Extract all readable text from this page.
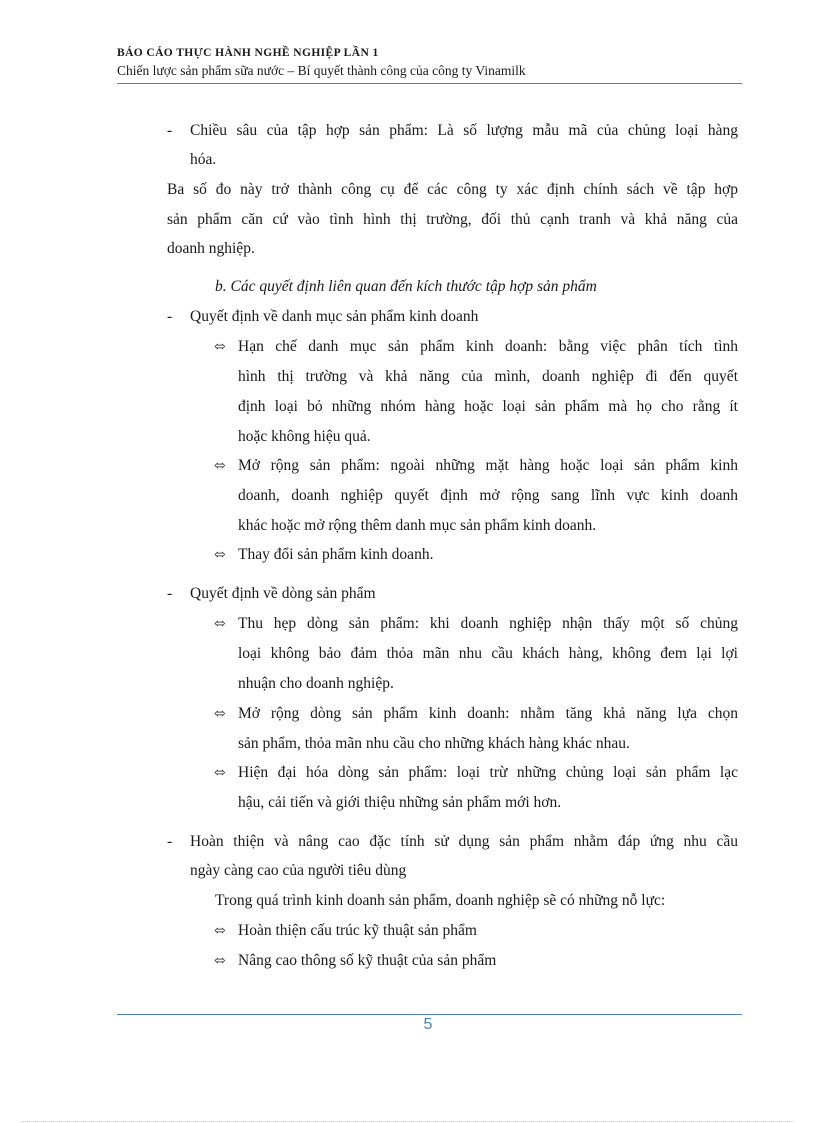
BÁO CÁO THỰC HÀNH NGHỀ NGHIỆP LẦN 1
Chiến lược sản phẩm sữa nước – Bí quyết thành công của công ty Vinamilk
- Chiều sâu của tập hợp sản phẩm: Là số lượng mẫu mã của chủng loại hàng
hóa.
Ba số đo này trở thành công cụ để các công ty xác định chính sách về tập hợp
sản phẩm căn cứ vào tình hình thị trường, đối thủ cạnh tranh và khả năng của
doanh nghiệp.
b. Các quyết định liên quan đến kích thước tập hợp sản phẩm
- Quyết định về danh mục sản phẩm kinh doanh
⬄ Hạn chế danh mục sản phẩm kinh doanh: bằng việc phân tích tình
hình thị trường và khả năng của mình, doanh nghiệp đi đến quyết
định loại bỏ những nhóm hàng hoặc loại sản phẩm mà họ cho rằng ít
hoặc không hiệu quả.
⬄ Mở rộng sản phẩm: ngoài những mặt hàng hoặc loại sản phẩm kinh
doanh, doanh nghiệp quyết định mở rộng sang lĩnh vực kinh doanh
khác hoặc mở rộng thêm danh mục sản phẩm kinh doanh.
⬄ Thay đổi sản phẩm kinh doanh.
- Quyết định về dòng sản phẩm
⬄ Thu hẹp dòng sản phẩm: khi doanh nghiệp nhận thấy một số chủng
loại không bảo đảm thỏa mãn nhu cầu khách hàng, không đem lại lợi
nhuận cho doanh nghiệp.
⬄ Mở rộng dòng sản phẩm kinh doanh: nhằm tăng khả năng lựa chọn
sản phẩm, thỏa mãn nhu cầu cho những khách hàng khác nhau.
⬄ Hiện đại hóa dòng sản phẩm: loại trừ những chủng loại sản phẩm lạc
hậu, cải tiến và giới thiệu những sản phẩm mới hơn.
- Hoàn thiện và nâng cao đặc tính sử dụng sản phẩm nhằm đáp ứng nhu cầu
ngày càng cao của người tiêu dùng
Trong quá trình kinh doanh sản phẩm, doanh nghiệp sẽ có những nỗ lực:
⬄ Hoàn thiện cấu trúc kỹ thuật sản phẩm
⬄ Nâng cao thông số kỹ thuật của sản phẩm
5
